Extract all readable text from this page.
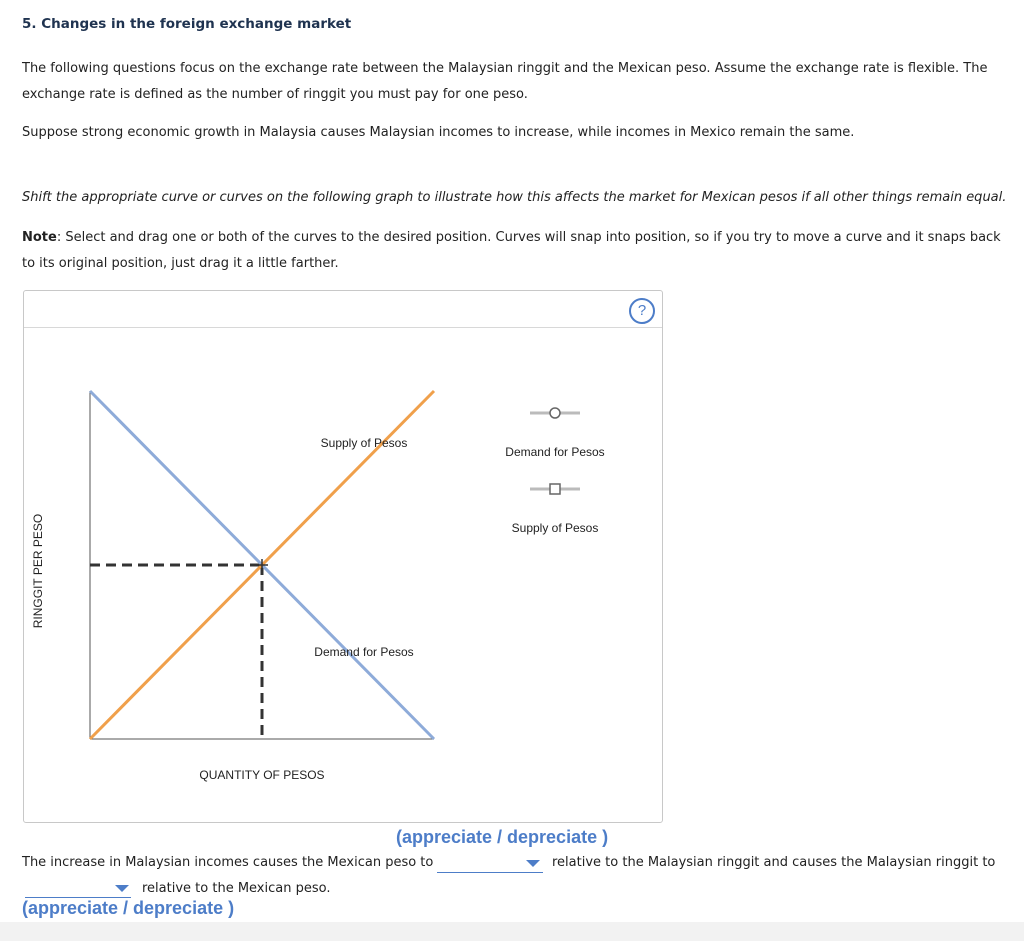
5. Changes in the foreign exchange market
The following questions focus on the exchange rate between the Malaysian ringgit and the Mexican peso. Assume the exchange rate is flexible. The exchange rate is defined as the number of ringgit you must pay for one peso.
Suppose strong economic growth in Malaysia causes Malaysian incomes to increase, while incomes in Mexico remain the same.
Shift the appropriate curve or curves on the following graph to illustrate how this affects the market for Mexican pesos if all other things remain equal.
Note: Select and drag one or both of the curves to the desired position. Curves will snap into position, so if you try to move a curve and it snaps back to its original position, just drag it a little farther.
?
RINGGIT PER PESO
Supply of Pesos
Demand for Pesos
QUANTITY OF PESOS
Demand for Pesos
Supply of Pesos
(appreciate / depreciate )
The increase in Malaysian incomes causes the Mexican peso to	relative to the Malaysian ringgit and causes the Malaysian ringgit to
relative to the Mexican peso.
(appreciate / depreciate )
